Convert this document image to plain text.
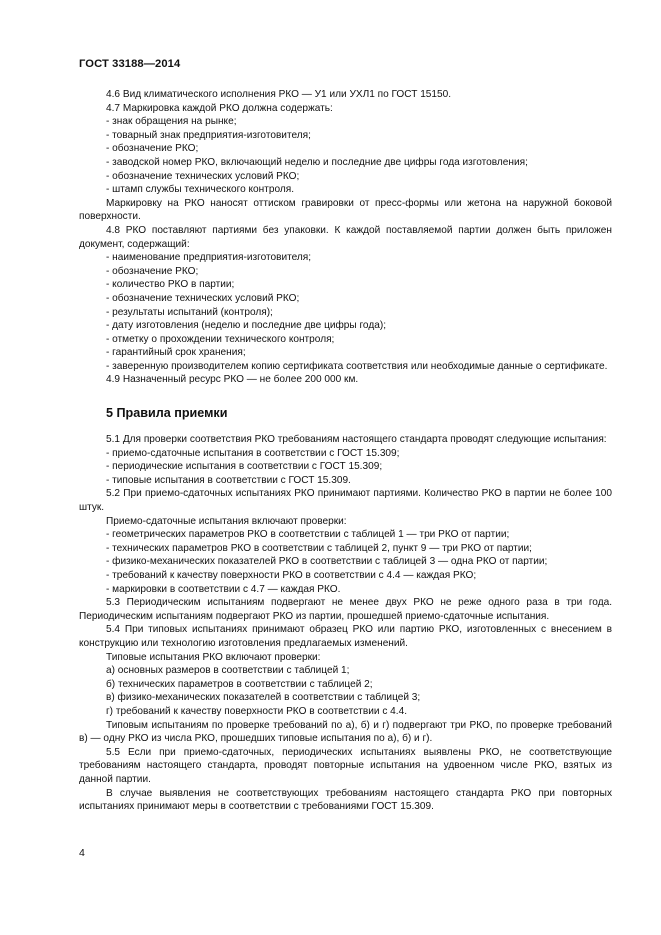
ГОСТ 33188—2014

4.6 Вид климатического исполнения РКО — У1 или УХЛ1 по ГОСТ 15150.

4.7 Маркировка каждой РКО должна содержать:

- знак обращения на рынке;

- товарный знак предприятия-изготовителя;

- обозначение РКО;

- заводской номер РКО, включающий неделю и последние две цифры года изготовления;

- обозначение технических условий РКО;

- штамп службы технического контроля.

Маркировку на РКО наносят оттиском гравировки от пресс-формы или жетона на наружной боковой поверхности.

4.8 РКО поставляют партиями без упаковки. К каждой поставляемой партии должен быть приложен документ, содержащий:

- наименование предприятия-изготовителя;

- обозначение РКО;

- количество РКО в партии;

- обозначение технических условий РКО;

- результаты испытаний (контроля);

- дату изготовления (неделю и последние две цифры года);

- отметку о прохождении технического контроля;

- гарантийный срок хранения;

- заверенную производителем копию сертификата соответствия или необходимые данные о сертификате.

4.9 Назначенный ресурс РКО — не более 200 000 км.

5 Правила приемки

5.1 Для проверки соответствия РКО требованиям настоящего стандарта проводят следующие испытания:

- приемо-сдаточные испытания в соответствии с ГОСТ 15.309;

- периодические испытания в соответствии с ГОСТ 15.309;

- типовые испытания в соответствии с ГОСТ 15.309.

5.2 При приемо-сдаточных испытаниях РКО принимают партиями. Количество РКО в партии не более 100 штук.

Приемо-сдаточные испытания включают проверки:

- геометрических параметров РКО в соответствии с таблицей 1 — три РКО от партии;

- технических параметров РКО в соответствии с таблицей 2, пункт 9 — три РКО от партии;

- физико-механических показателей РКО в соответствии с таблицей 3 — одна РКО от партии;

- требований к качеству поверхности РКО в соответствии с 4.4 — каждая РКО;

- маркировки в соответствии с 4.7 — каждая РКО.

5.3 Периодическим испытаниям подвергают не менее двух РКО не реже одного раза в три года. Периодическим испытаниям подвергают РКО из партии, прошедшей приемо-сдаточные испытания.

5.4 При типовых испытаниях принимают образец РКО или партию РКО, изготовленных с внесением в конструкцию или технологию изготовления предлагаемых изменений.

Типовые испытания РКО включают проверки:

а) основных размеров в соответствии с таблицей 1;

б) технических параметров в соответствии с таблицей 2;

в) физико-механических показателей в соответствии с таблицей 3;

г) требований к качеству поверхности РКО в соответствии с 4.4.

Типовым испытаниям по проверке требований по а), б) и г) подвергают три РКО, по проверке требований в) — одну РКО из числа РКО, прошедших типовые испытания по а), б) и г).

5.5 Если при приемо-сдаточных, периодических испытаниях выявлены РКО, не соответствующие требованиям настоящего стандарта, проводят повторные испытания на удвоенном числе РКО, взятых из данной партии.

В случае выявления не соответствующих требованиям настоящего стандарта РКО при повторных испытаниях принимают меры в соответствии с требованиями ГОСТ 15.309.

4
